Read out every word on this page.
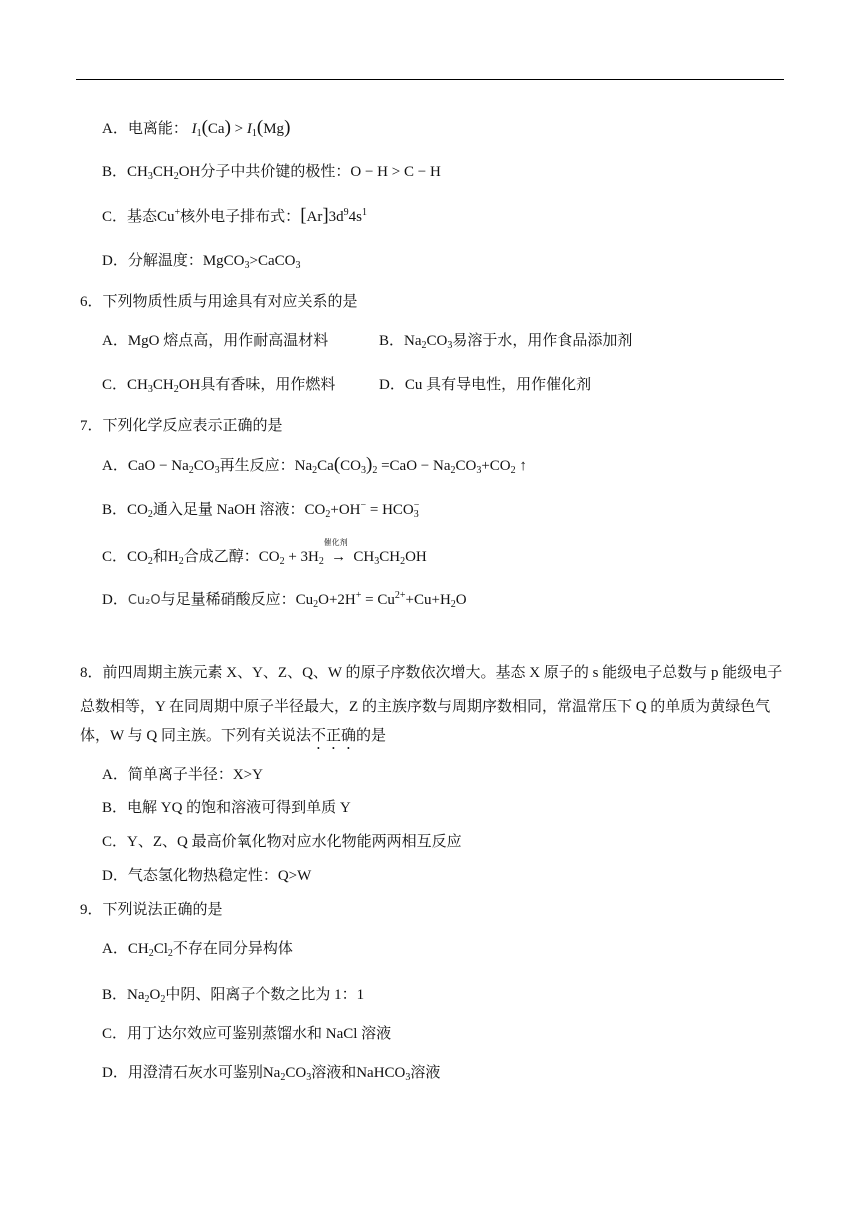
A．电离能： $I_1(Ca) > I_1(Mg)$
B．$CH_3CH_2OH$分子中共价键的极性：O − H > C − H
C．基态Cu+核外电子排布式：$[Ar]3d^94s^1$
D．分解温度：MgCO$_3$>CaCO$_3$
6．下列物质性质与用途具有对应关系的是
A．MgO 熔点高，用作耐高温材料	B．$Na_2CO_3$易溶于水，用作食品添加剂
C．$CH_3CH_2OH$具有香味，用作燃料	D．Cu 具有导电性，用作催化剂
7．下列化学反应表示正确的是
A．CaO − $Na_2CO_3$再生反应：$Na_2Ca(CO_3)_2 =CaO - Na_2CO_3+CO_2$ ↑
B．$CO_2$通入足量 NaOH 溶液：$CO_2+OH^- = HCO_3^-$
C．$CO_2$和$H_2$合成乙醇：$CO_2 + 3H_2$
催化剂
→ $CH_3CH_2OH$
D．Cu₂O与足量稀硝酸反应：$Cu_2O+2H^+ = Cu^{2+}+Cu+H_2O$
8．前四周期主族元素 X、Y、Z、Q、W 的原子序数依次增大。基态 X 原子的 s 能级电子总数与 p 能级电子
总数相等，Y 在同周期中原子半径最大，Z 的主族序数与周期序数相同，常温常压下 Q 的单质为黄绿色气
体，W 与 Q 同主族。下列有关说法不正确的是
A．简单离子半径：X>Y
B．电解 YQ 的饱和溶液可得到单质 Y
C．Y、Z、Q 最高价氧化物对应水化物能两两相互反应
D．气态氢化物热稳定性：Q>W
9．下列说法正确的是
A．$CH_2Cl_2$不存在同分异构体
B．$Na_2O_2$中阴、阳离子个数之比为 1：1
C．用丁达尔效应可鉴别蒸馏水和 NaCl 溶液
D．用澄清石灰水可鉴别$Na_2CO_3$溶液和NaHCO$_3$溶液
